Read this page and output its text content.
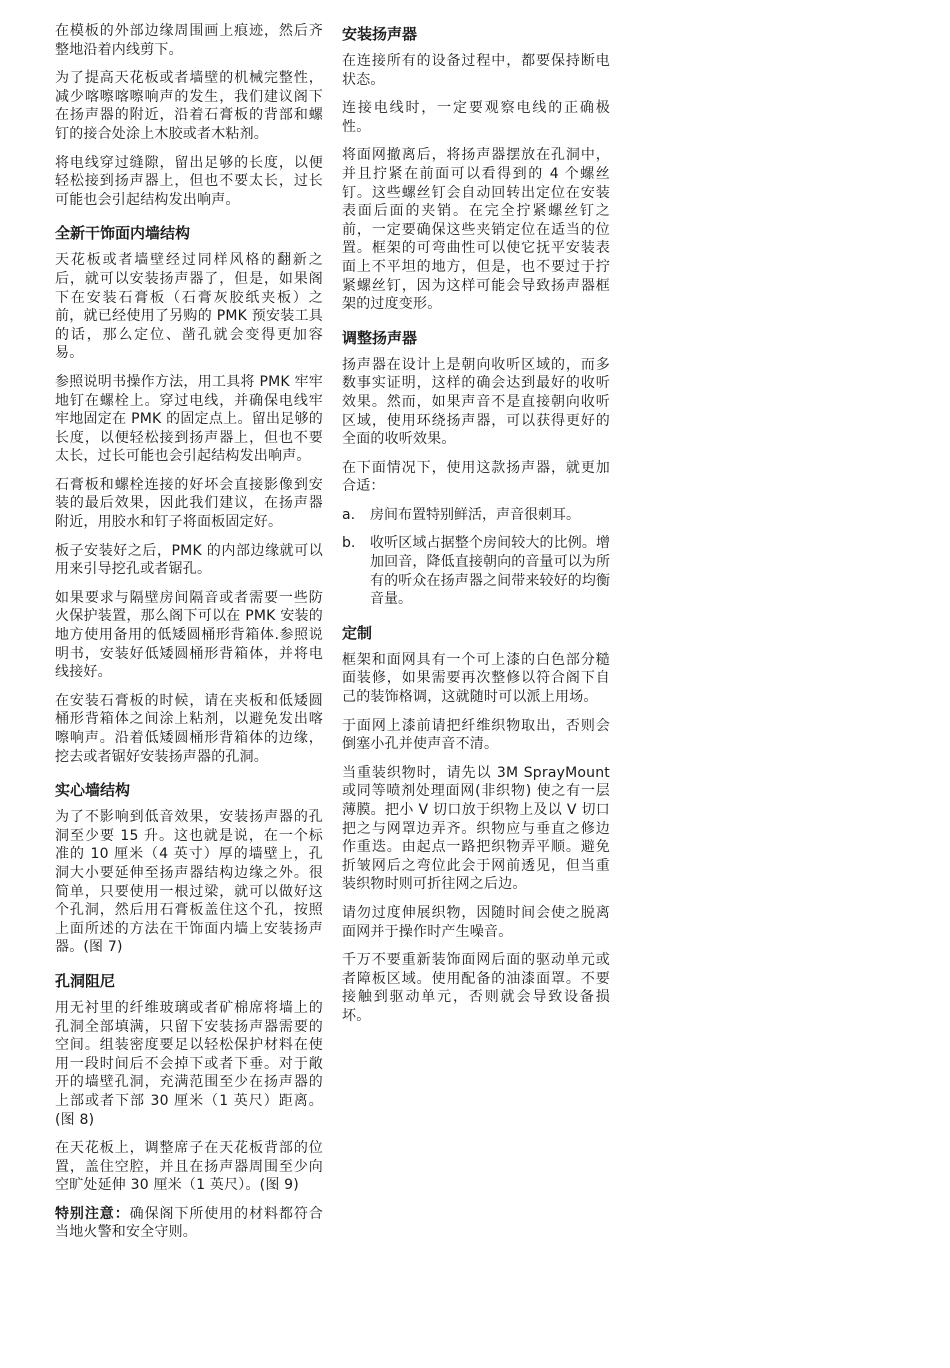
在模板的外部边缘周围画上痕迹，然后齐整地沿着内线剪下。

为了提高天花板或者墙壁的机械完整性，减少喀嚓喀嚓响声的发生，我们建议阁下在扬声器的附近，沿着石膏板的背部和螺钉的接合处涂上木胶或者木粘剂。

将电线穿过缝隙，留出足够的长度，以便轻松接到扬声器上，但也不要太长，过长可能也会引起结构发出响声。

全新干饰面内墙结构

天花板或者墙壁经过同样风格的翻新之后，就可以安装扬声器了，但是，如果阁下在安装石膏板（石膏灰胶纸夹板）之前，就已经使用了另购的 PMK 预安装工具的话，那么定位、凿孔就会变得更加容易。

参照说明书操作方法，用工具将 PMK 牢牢地钉在螺栓上。穿过电线，并确保电线牢牢地固定在 PMK 的固定点上。留出足够的长度，以便轻松接到扬声器上，但也不要太长，过长可能也会引起结构发出响声。

石膏板和螺栓连接的好坏会直接影像到安装的最后效果，因此我们建议，在扬声器附近，用胶水和钉子将面板固定好。

板子安装好之后，PMK 的内部边缘就可以用来引导挖孔或者锯孔。

如果要求与隔壁房间隔音或者需要一些防火保护装置，那么阁下可以在 PMK 安装的地方使用备用的低矮圆桶形背箱体.参照说明书，安装好低矮圆桶形背箱体，并将电线接好。

在安装石膏板的时候，请在夹板和低矮圆桶形背箱体之间涂上粘剂，以避免发出喀嚓响声。沿着低矮圆桶形背箱体的边缘，挖去或者锯好安装扬声器的孔洞。

实心墙结构

为了不影响到低音效果，安装扬声器的孔洞至少要 15 升。这也就是说，在一个标准的 10 厘米（4 英寸）厚的墙壁上，孔洞大小要延伸至扬声器结构边缘之外。很简单，只要使用一根过梁，就可以做好这个孔洞，然后用石膏板盖住这个孔，按照上面所述的方法在干饰面内墙上安装扬声器。(图 7)

孔洞阻尼

用无衬里的纤维玻璃或者矿棉席将墙上的孔洞全部填满，只留下安装扬声器需要的空间。组装密度要足以轻松保护材料在使用一段时间后不会掉下或者下垂。对于敞开的墙壁孔洞，充满范围至少在扬声器的上部或者下部 30 厘米（1 英尺）距离。(图 8)

在天花板上，调整席子在天花板背部的位置，盖住空腔，并且在扬声器周围至少向空旷处延伸 30 厘米（1 英尺）。(图 9)

特别注意：确保阁下所使用的材料都符合当地火警和安全守则。

安装扬声器

在连接所有的设备过程中，都要保持断电状态。

连接电线时，一定要观察电线的正确极性。

将面网撤离后，将扬声器摆放在孔洞中，并且拧紧在前面可以看得到的 4 个螺丝钉。这些螺丝钉会自动回转出定位在安装表面后面的夹销。在完全拧紧螺丝钉之前，一定要确保这些夹销定位在适当的位置。框架的可弯曲性可以使它抚平安装表面上不平坦的地方，但是，也不要过于拧紧螺丝钉，因为这样可能会导致扬声器框架的过度变形。

调整扬声器

扬声器在设计上是朝向收听区域的，而多数事实证明，这样的确会达到最好的收听效果。然而，如果声音不是直接朝向收听区域，使用环绕扬声器，可以获得更好的全面的收听效果。

在下面情况下，使用这款扬声器，就更加合适：

a.	房间布置特别鲜活，声音很刺耳。
b.	收听区域占据整个房间较大的比例。增加回音，降低直接朝向的音量可以为所有的听众在扬声器之间带来较好的均衡音量。
定制

框架和面网具有一个可上漆的白色部分糙面装修，如果需要再次整修以符合阁下自己的装饰格调，这就随时可以派上用场。

于面网上漆前请把纤维织物取出，否则会倒塞小孔并使声音不清。

当重装织物时，请先以 3M SprayMount 或同等喷剂处理面网(非织物) 使之有一层薄膜。把小 V 切口放于织物上及以 V 切口把之与网罩边弄齐。织物应与垂直之修边作重迭。由起点一路把织物弄平顺。避免折皱网后之弯位此会于网前透见，但当重装织物时则可折往网之后边。

请勿过度伸展织物，因随时间会使之脱离面网并于操作时产生噪音。

千万不要重新装饰面网后面的驱动单元或者障板区域。使用配备的油漆面罩。不要接触到驱动单元，否则就会导致设备损坏。
